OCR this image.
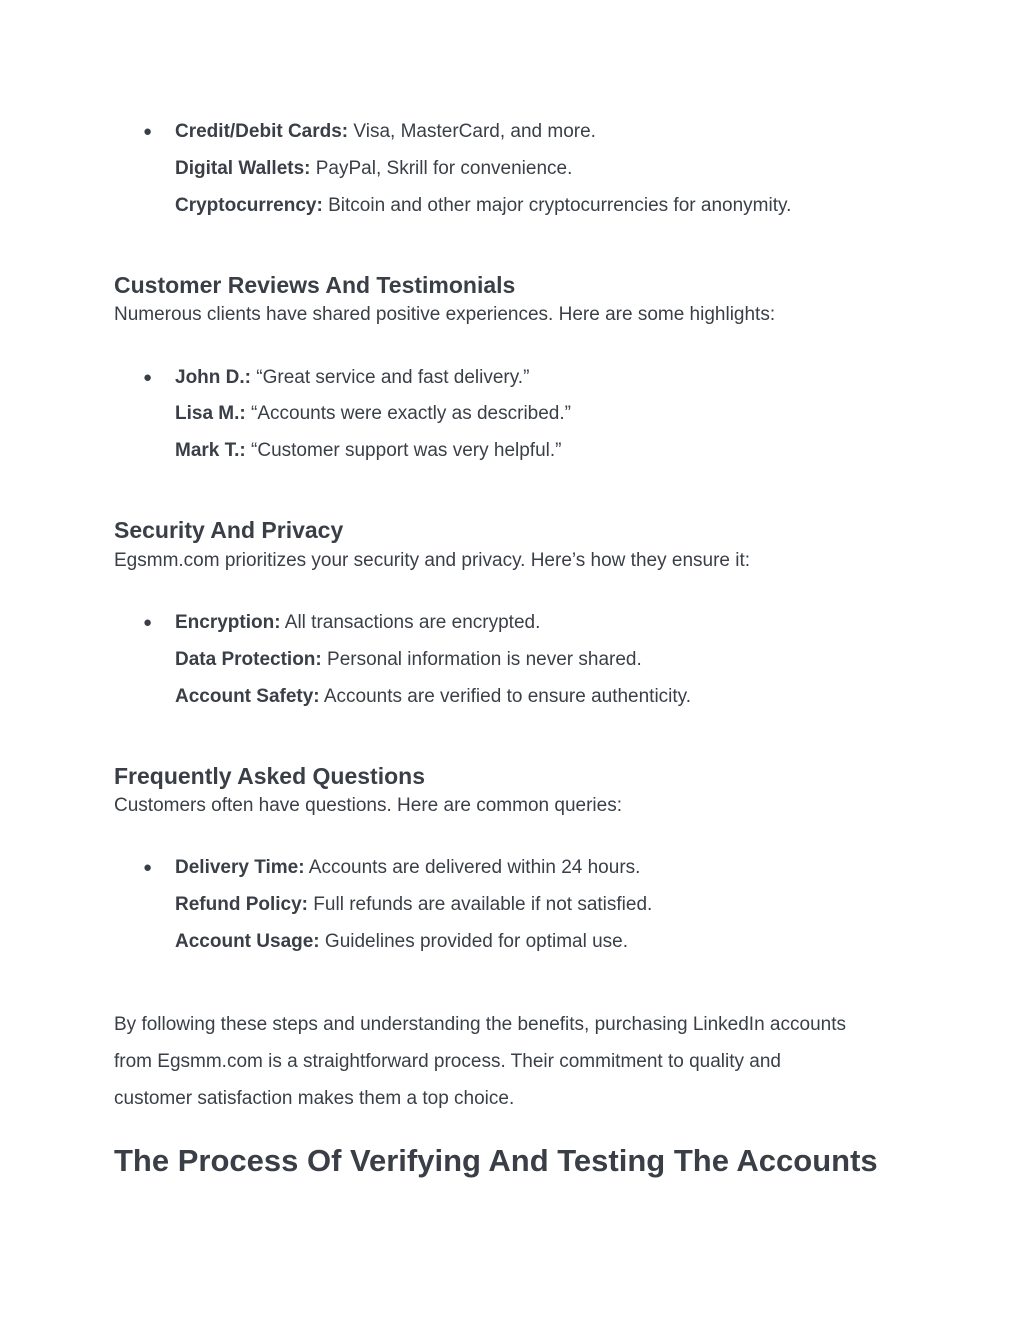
● Credit/Debit Cards: Visa, MasterCard, and more.
Digital Wallets: PayPal, Skrill for convenience.
Cryptocurrency: Bitcoin and other major cryptocurrencies for anonymity.
Customer Reviews And Testimonials
Numerous clients have shared positive experiences. Here are some highlights:
● John D.: “Great service and fast delivery.”
Lisa M.: “Accounts were exactly as described.”
Mark T.: “Customer support was very helpful.”
Security And Privacy
Egsmm.com prioritizes your security and privacy. Here’s how they ensure it:
● Encryption: All transactions are encrypted.
Data Protection: Personal information is never shared.
Account Safety: Accounts are verified to ensure authenticity.
Frequently Asked Questions
Customers often have questions. Here are common queries:
● Delivery Time: Accounts are delivered within 24 hours.
Refund Policy: Full refunds are available if not satisfied.
Account Usage: Guidelines provided for optimal use.
By following these steps and understanding the benefits, purchasing LinkedIn accounts
from Egsmm.com is a straightforward process. Their commitment to quality and
customer satisfaction makes them a top choice.
The Process Of Verifying And Testing The Accounts
